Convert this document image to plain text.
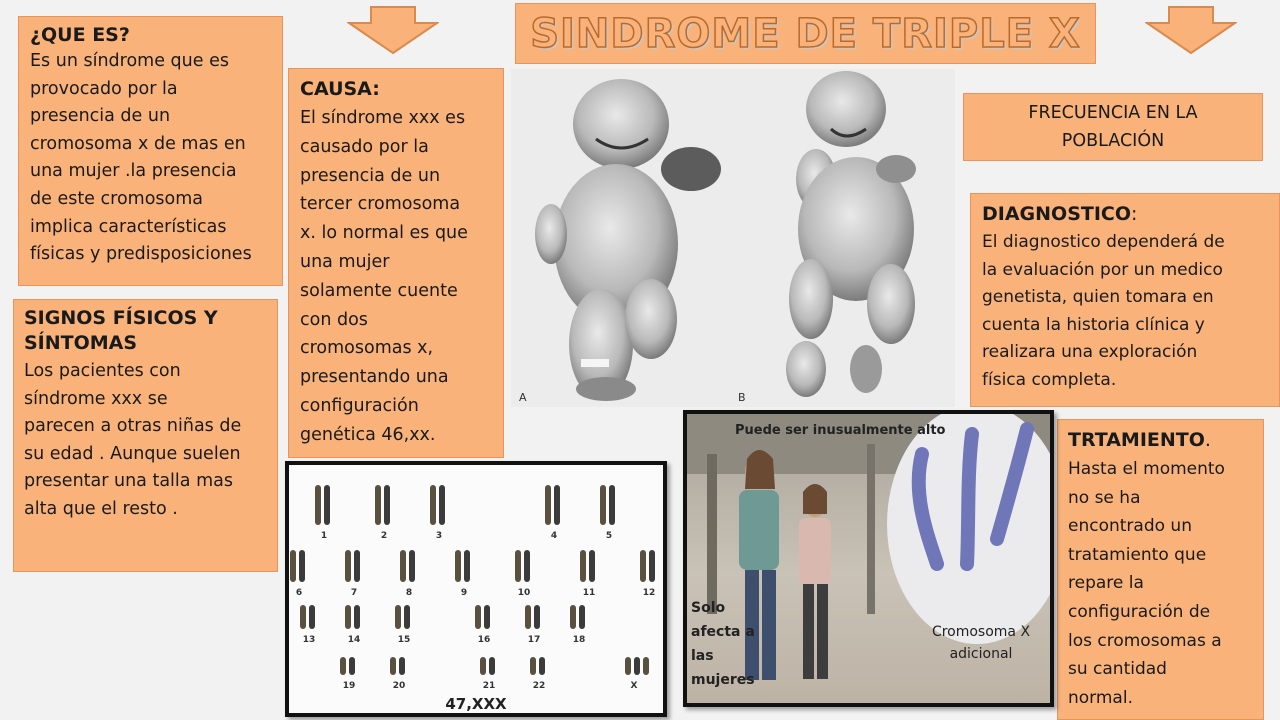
SINDROME DE TRIPLE X
¿QUE ES?
Es un síndrome que es
provocado por la
presencia de un
cromosoma x de mas en
una mujer .la presencia
de este cromosoma
implica características
físicas y predisposiciones
CAUSA:
El síndrome xxx es
causado por la
presencia de un
tercer cromosoma
x. lo normal es que
una mujer
solamente cuente
con dos
cromosomas x,
presentando una
configuración
genética 46,xx.
SIGNOS FÍSICOS Y
SÍNTOMAS
Los pacientes con
síndrome xxx se
parecen a otras niñas de
su edad . Aunque suelen
presentar una talla mas
alta que el resto .
FRECUENCIA EN LA
POBLACIÓN
DIAGNOSTICO:
El diagnostico dependerá de
la evaluación por un medico
genetista, quien tomara en
cuenta la historia clínica y
realizara una exploración
física completa.
TRTAMIENTO.
Hasta el momento
no se ha
encontrado un
tratamiento que
repare la
configuración de
los cromosomas a
su cantidad
normal.
A	B
1	2	3	4	5
6	7	8	9	10	11	12
13	14	15	16	17	18
19	20	21	22	X
47,XXX
Puede ser inusualmente alto
Solo
afecta a
las
mujeres
Cromosoma X
adicional
